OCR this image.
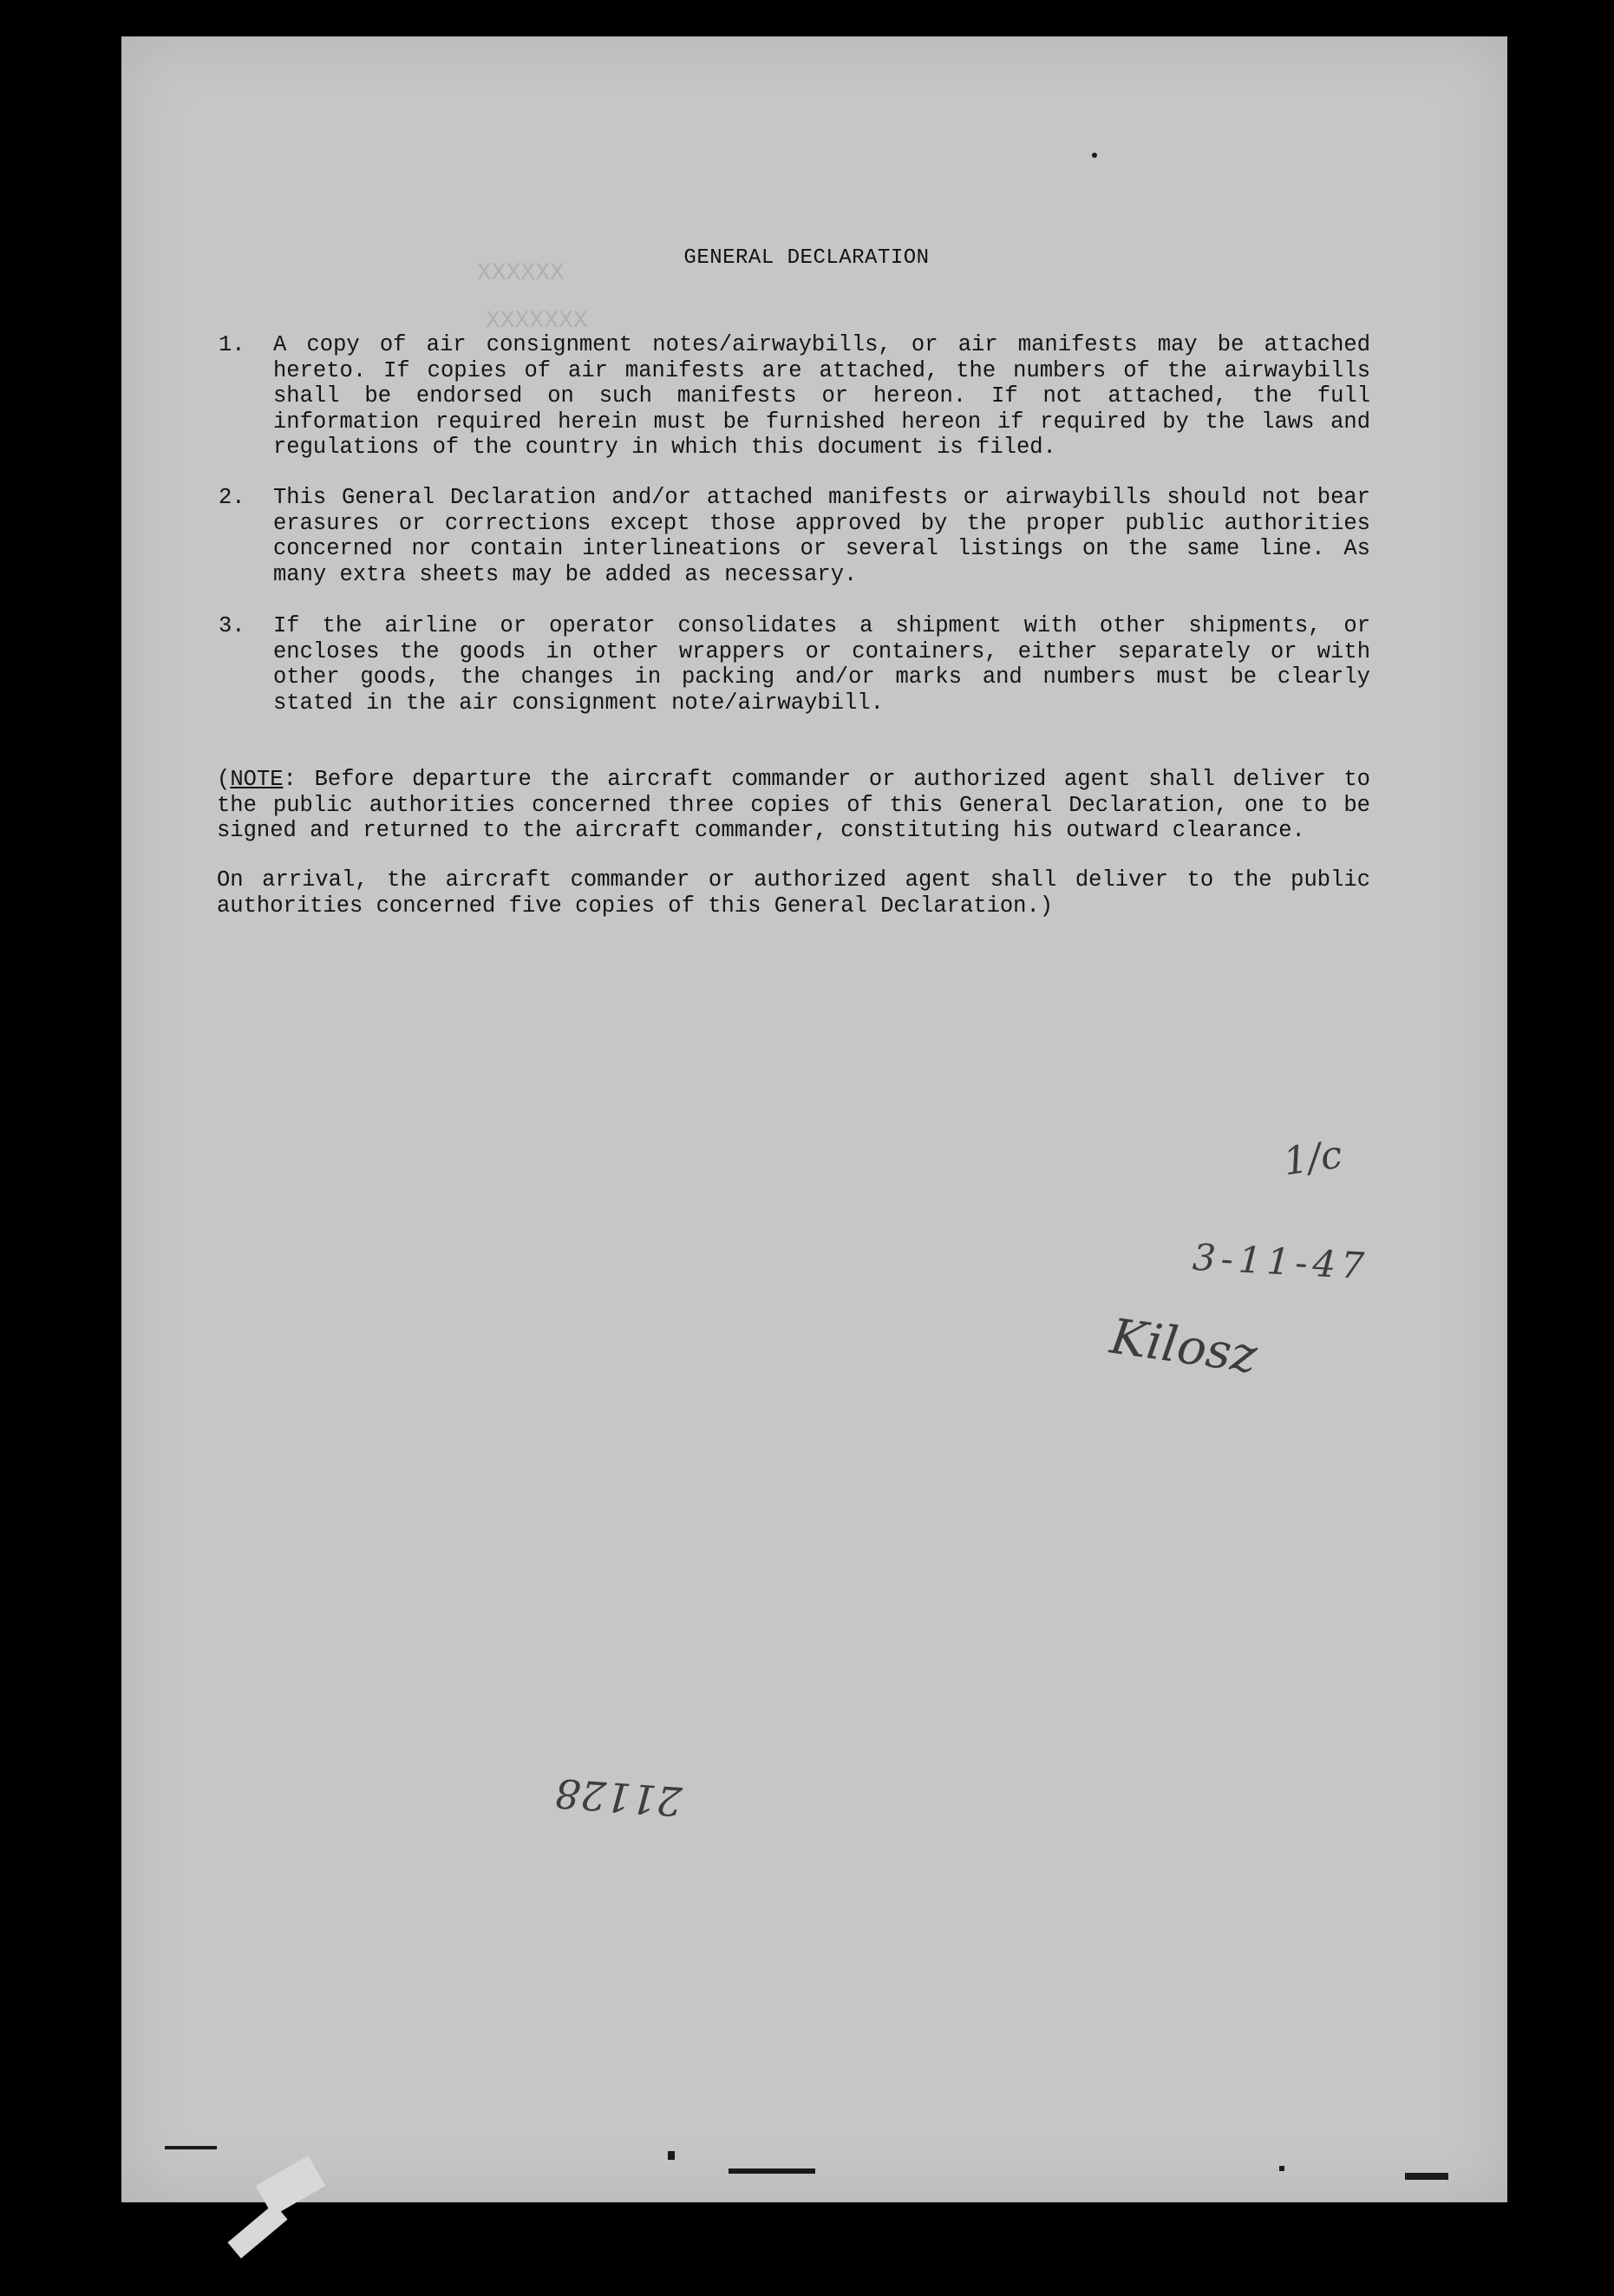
XXXXXX
XXXXXXX
GENERAL DECLARATION
1. A copy of air consignment notes/airwaybills, or air manifests may be attached hereto. If copies of air manifests are attached, the numbers of the airwaybills shall be endorsed on such manifests or hereon. If not attached, the full information required herein must be furnished hereon if required by the laws and regulations of the country in which this document is filed.

2. This General Declaration and/or attached manifests or airwaybills should not bear erasures or corrections except those approved by the proper public authorities concerned nor contain interlineations or several listings on the same line. As many extra sheets may be added as necessary.

3. If the airline or operator consolidates a shipment with other shipments, or encloses the goods in other wrappers or containers, either separately or with other goods, the changes in packing and/or marks and numbers must be clearly stated in the air consignment note/airwaybill.

(NOTE: Before departure the aircraft commander or authorized agent shall deliver to the public authorities concerned three copies of this General Declaration, one to be signed and returned to the aircraft commander, constituting his outward clearance.

On arrival, the aircraft commander or authorized agent shall deliver to the public authorities concerned five copies of this General Declaration.)

1/c
3-11-47
Kilosz
21128
